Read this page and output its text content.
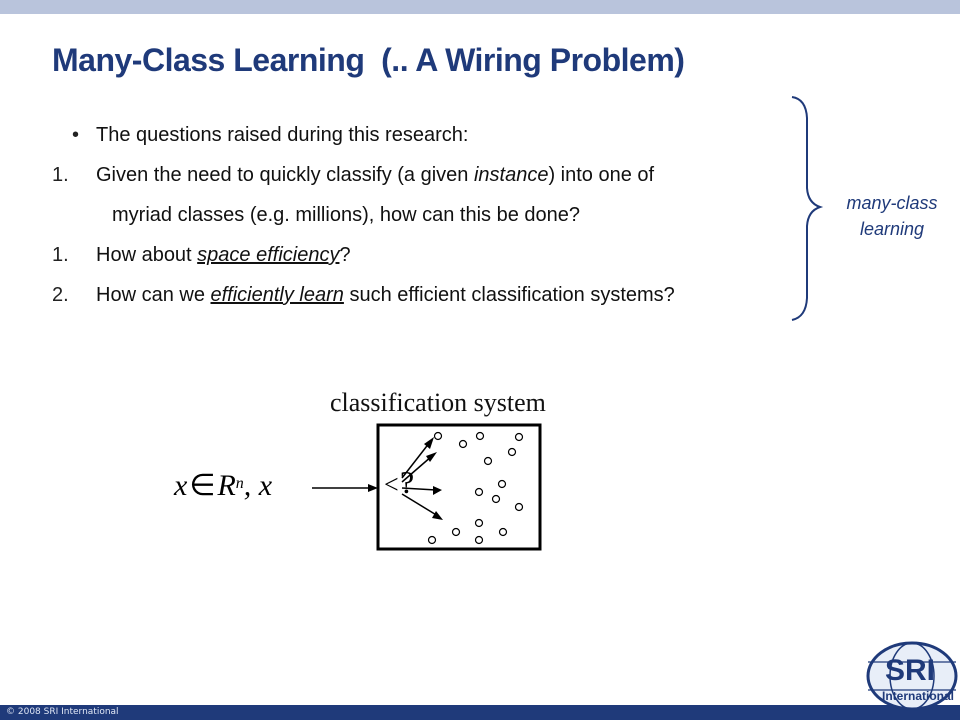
Many-Class Learning  (.. A Wiring Problem)
• The questions raised during this research:
1. Given the need to quickly classify (a given instance) into one of
myriad classes (e.g. millions), how can this be done?
1. How about space efficiency?
2. How can we efficiently learn such efficient classification systems?
many-class
learning
classification system
$x\in R^n$, x	< ?
© 2008 SRI International
SRI
International
